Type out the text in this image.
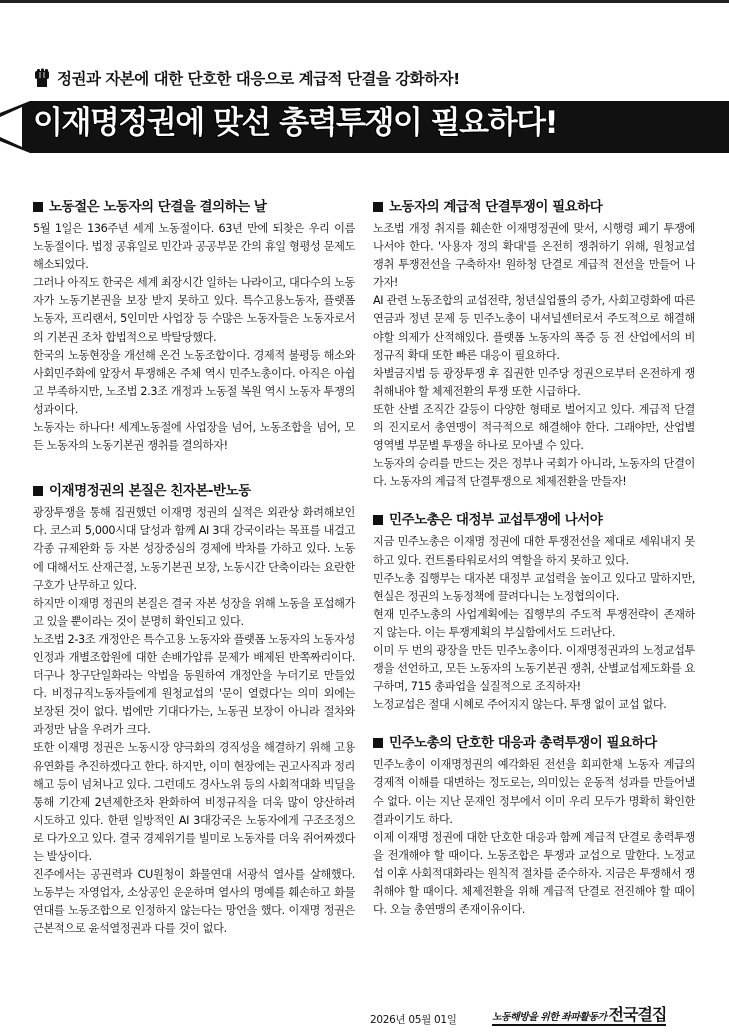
정권과 자본에 대한 단호한 대응으로 계급적 단결을 강화하자!
이재명정권에 맞선 총력투쟁이 필요하다!
노동절은 노동자의 단결을 결의하는 날

5월 1일은 136주년 세계 노동절이다. 63년 만에 되찾은 우리 이름 노동절이다. 법정 공휴일로 민간과 공공부문 간의 휴일 형평성 문제도 해소되었다.

그러나 아직도 한국은 세계 최장시간 일하는 나라이고, 대다수의 노동자가 노동기본권을 보장 받지 못하고 있다. 특수고용노동자, 플랫폼 노동자, 프리랜서, 5인미만 사업장 등 수많은 노동자들은 노동자로서의 기본권 조차 합법적으로 박탈당했다.

한국의 노동현장을 개선해 온건 노동조합이다. 경제적 불평등 해소와 사회민주화에 앞장서 투쟁해온 주체 역시 민주노총이다. 아직은 아쉽고 부족하지만, 노조법 2.3조 개정과 노동절 복원 역시 노동자 투쟁의 성과이다.

노동자는 하나다! 세계노동절에 사업장을 넘어, 노동조합을 넘어, 모든 노동자의 노동기본권 쟁취를 결의하자!

이재명정권의 본질은 친자본-반노동

광장투쟁을 통해 집권했던 이재명 정권의 실적은 외관상 화려해보인다. 코스피 5,000시대 달성과 함께 AI 3대 강국이라는 목표를 내걸고 각종 규제완화 등 자본 성장중심의 경제에 박차를 가하고 있다. 노동에 대해서도 산재근절, 노동기본권 보장, 노동시간 단축이라는 요란한 구호가 난무하고 있다.

하지만 이재명 정권의 본질은 결국 자본 성장을 위해 노동을 포섭해가고 있을 뿐이라는 것이 분명히 확인되고 있다.

노조법 2-3조 개정안은 특수고용 노동자와 플랫폼 노동자의 노동자성 인정과 개별조합원에 대한 손배가압류 문제가 배제된 반쪽짜리이다. 더구나 창구단일화라는 악법을 동원하여 개정안을 누더기로 만들었다. 비정규직노동자들에게 원청교섭의 '문이 열렸다'는 의미 외에는 보장된 것이 없다. 법에만 기대다가는, 노동권 보장이 아니라 절차와 과정만 남을 우려가 크다.

또한 이재명 정권은 노동시장 양극화의 경직성을 해결하기 위해 고용유연화를 추진하겠다고 한다. 하지만, 이미 현장에는 권고사직과 정리해고 등이 넘쳐나고 있다. 그런데도 경사노위 등의 사회적대화 빅딜을 통해 기간제 2년제한조차 완화하여 비정규직을 더욱 많이 양산하려 시도하고 있다. 한편 일방적인 AI 3대강국은 노동자에게 구조조정으로 다가오고 있다. 결국 경제위기를 빌미로 노동자를 더욱 쥐어짜겠다는 발상이다.

진주에서는 공권력과 CU원청이 화물연대 서광석 열사를 살해했다. 노동부는 자영업자, 소상공인 운운하며 열사의 명예를 훼손하고 화물연대를 노동조합으로 인정하지 않는다는 망언을 했다. 이재명 정권은 근본적으로 윤석열정권과 다를 것이 없다.

노동자의 계급적 단결투쟁이 필요하다

노조법 개정 취지를 훼손한 이재명정권에 맞서, 시행령 폐기 투쟁에 나서야 한다. '사용자 정의 확대'를 온전히 쟁취하기 위해, 원청교섭 쟁취 투쟁전선을 구축하자! 원하청 단결로 계급적 전선을 만들어 나가자!

AI 관련 노동조합의 교섭전략, 청년실업률의 증가, 사회고령화에 따른 연금과 정년 문제 등 민주노총이 내셔널센터로서 주도적으로 해결해야할 의제가 산적해있다. 플랫폼 노동자의 폭증 등 전 산업에서의 비정규직 확대 또한 빠른 대응이 필요하다.

차별금지법 등 광장투쟁 후 집권한 민주당 정권으로부터 온전하게 쟁취해내야 할 체제전환의 투쟁 또한 시급하다.

또한 산별 조직간 갈등이 다양한 형태로 벌어지고 있다. 계급적 단결의 진지로서 총연맹이 적극적으로 해결해야 한다. 그래야만, 산업별 영역별 부문별 투쟁을 하나로 모아낼 수 있다.

노동자의 승리를 만드는 것은 정부나 국회가 아니라, 노동자의 단결이다. 노동자의 계급적 단결투쟁으로 체제전환을 만들자!

민주노총은 대정부 교섭투쟁에 나서야

지금 민주노총은 이재명 정권에 대한 투쟁전선을 제대로 세워내지 못하고 있다. 컨트롤타워로서의 역할을 하지 못하고 있다.

민주노총 집행부는 대자본 대정부 교섭력을 높이고 있다고 말하지만, 현실은 정권의 노동정책에 끌려다니는 노정협의이다.

현재 민주노총의 사업계획에는 집행부의 주도적 투쟁전략이 존재하지 않는다. 이는 투쟁계획의 부실함에서도 드러난다.

이미 두 번의 광장을 만든 민주노총이다. 이재명정권과의 노정교섭투쟁을 선언하고, 모든 노동자의 노동기본권 쟁취, 산별교섭제도화를 요구하며, 715 총파업을 실질적으로 조직하자!

노정교섭은 절대 시혜로 주어지지 않는다. 투쟁 없이 교섭 없다.

민주노총의 단호한 대응과 총력투쟁이 필요하다

민주노총이 이재명정권의 예각화된 전선을 회피한채 노동자 계급의 경제적 이해를 대변하는 정도로는, 의미있는 운동적 성과를 만들어낼 수 없다. 이는 지난 문재인 정부에서 이미 우리 모두가 명확히 확인한 결과이기도 하다.

이제 이재명 정권에 대한 단호한 대응과 함께 계급적 단결로 총력투쟁을 전개해야 할 때이다. 노동조합은 투쟁과 교섭으로 말한다. 노정교섭 이후 사회적대화라는 원칙적 절차를 준수하자. 지금은 투쟁해서 쟁취해야 할 때이다. 체제전환을 위해 계급적 단결로 전진해야 할 때이다. 오늘 총연맹의 존재이유이다.

2026년 05월 01일	노동해방을 위한 좌파활동가 전국결집
